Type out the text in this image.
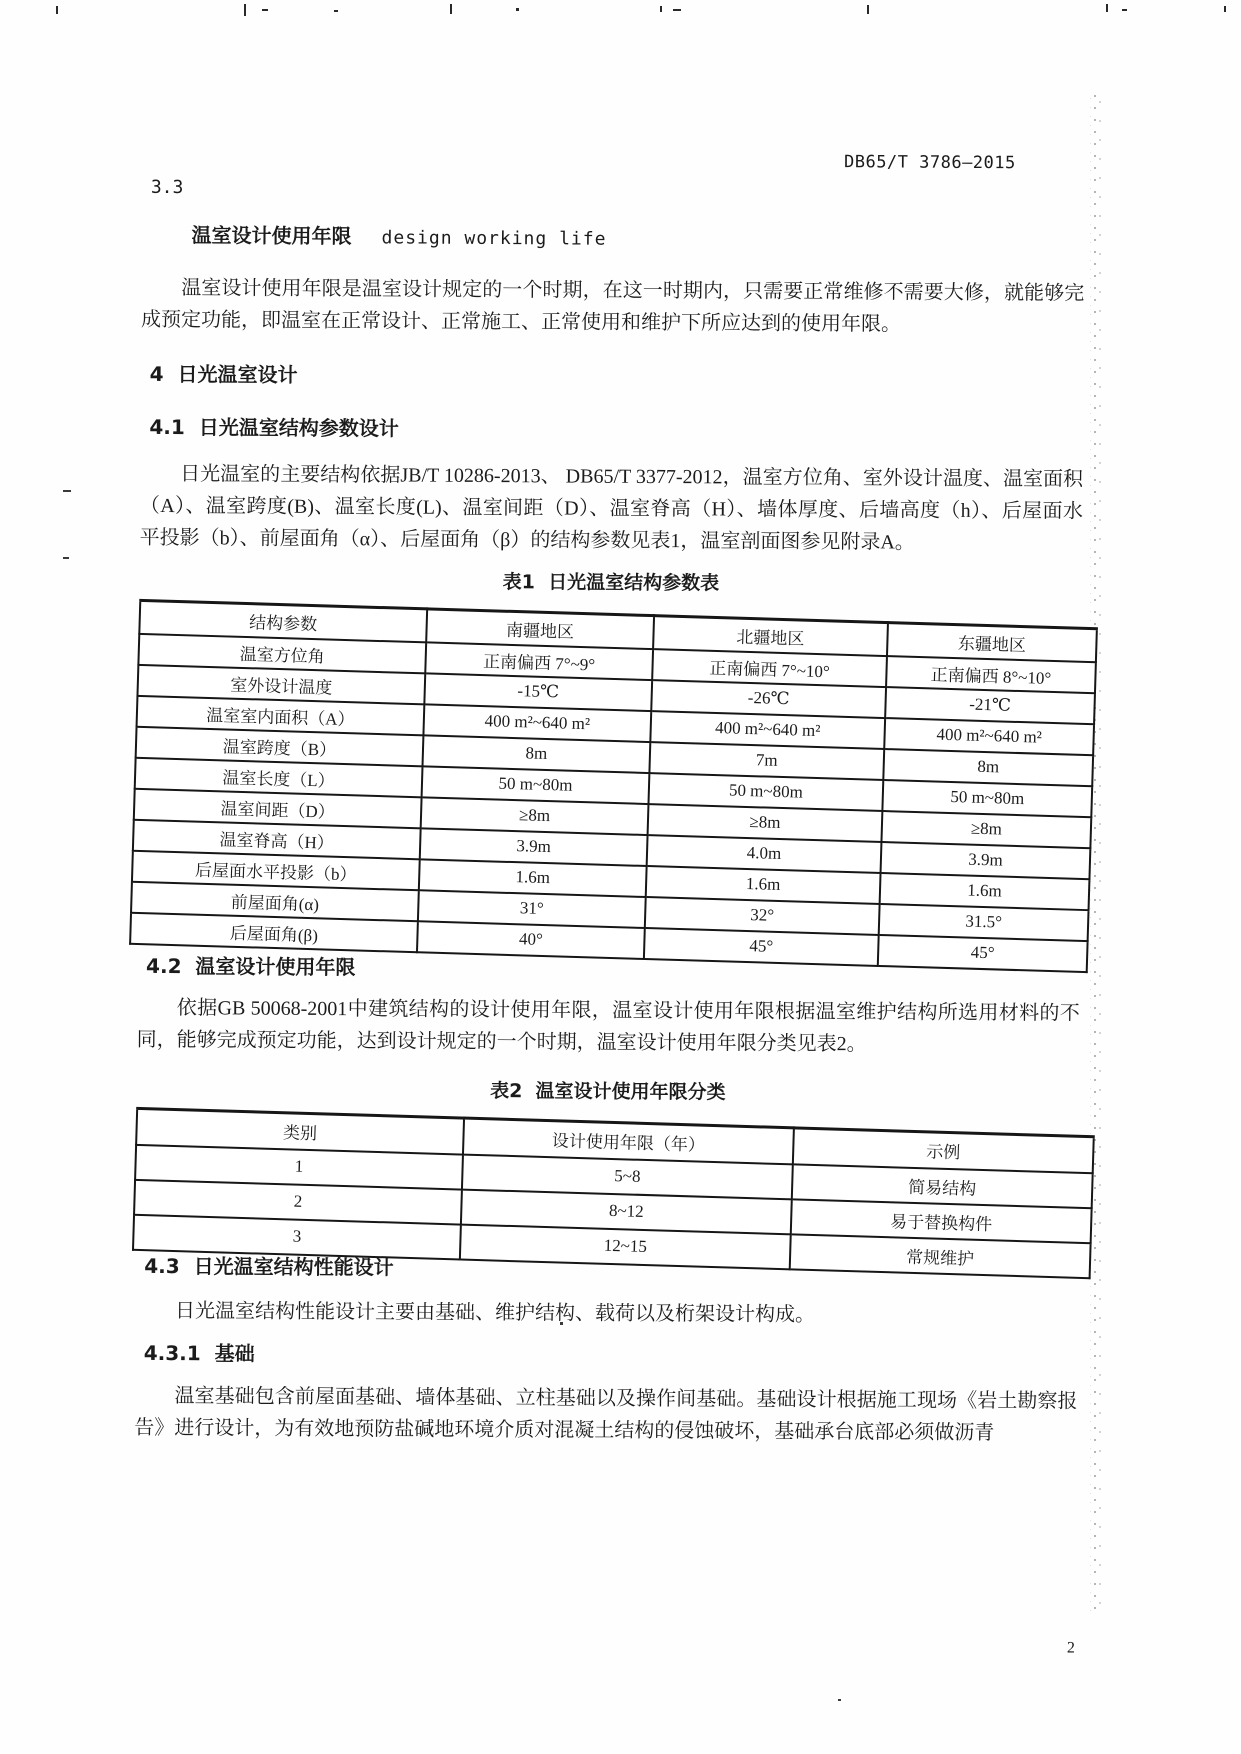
DB65/T 3786—2015
3.3
温室设计使用年限 design working life

温室设计使用年限是温室设计规定的一个时期，在这一时期内，只需要正常维修不需要大修，就能够完成预定功能，即温室在正常设计、正常施工、正常使用和维护下所应达到的使用年限。

4  日光温室设计
4.1  日光温室结构参数设计

日光温室的主要结构依据JB/T 10286-2013、 DB65/T 3377-2012，温室方位角、室外设计温度、温室面积（A）、温室跨度(B)、温室长度(L)、温室间距（D）、温室脊高（H）、墙体厚度、后墙高度（h）、后屋面水平投影（b）、前屋面角（α）、后屋面角（β）的结构参数见表1，温室剖面图参见附录A。

表1  日光温室结构参数表
结构参数	南疆地区	北疆地区	东疆地区
温室方位角	正南偏西 7°~9°	正南偏西 7°~10°	正南偏西 8°~10°
室外设计温度	-15℃	-26℃	-21℃
温室室内面积（A）	400 m²~640 m²	400 m²~640 m²	400 m²~640 m²
温室跨度（B）	8m	7m	8m
温室长度（L）	50 m~80m	50 m~80m	50 m~80m
温室间距（D）	≥8m	≥8m	≥8m
温室脊高（H）	3.9m	4.0m	3.9m
后屋面水平投影（b）	1.6m	1.6m	1.6m
前屋面角(α)	31°	32°	31.5°
后屋面角(β)	40°	45°	45°
4.2  温室设计使用年限

依据GB 50068-2001中建筑结构的设计使用年限，温室设计使用年限根据温室维护结构所选用材料的不同，能够完成预定功能，达到设计规定的一个时期，温室设计使用年限分类见表2。

表2  温室设计使用年限分类
类别	设计使用年限（年）	示例
1	5~8	简易结构
2	8~12	易于替换构件
3	12~15	常规维护
4.3  日光温室结构性能设计

日光温室结构性能设计主要由基础、维护结构、载荷以及桁架设计构成。

4.3.1  基础

温室基础包含前屋面基础、墙体基础、立柱基础以及操作间基础。基础设计根据施工现场《岩土勘察报告》进行设计，为有效地预防盐碱地环境介质对混凝土结构的侵蚀破坏，基础承台底部必须做沥青

2
